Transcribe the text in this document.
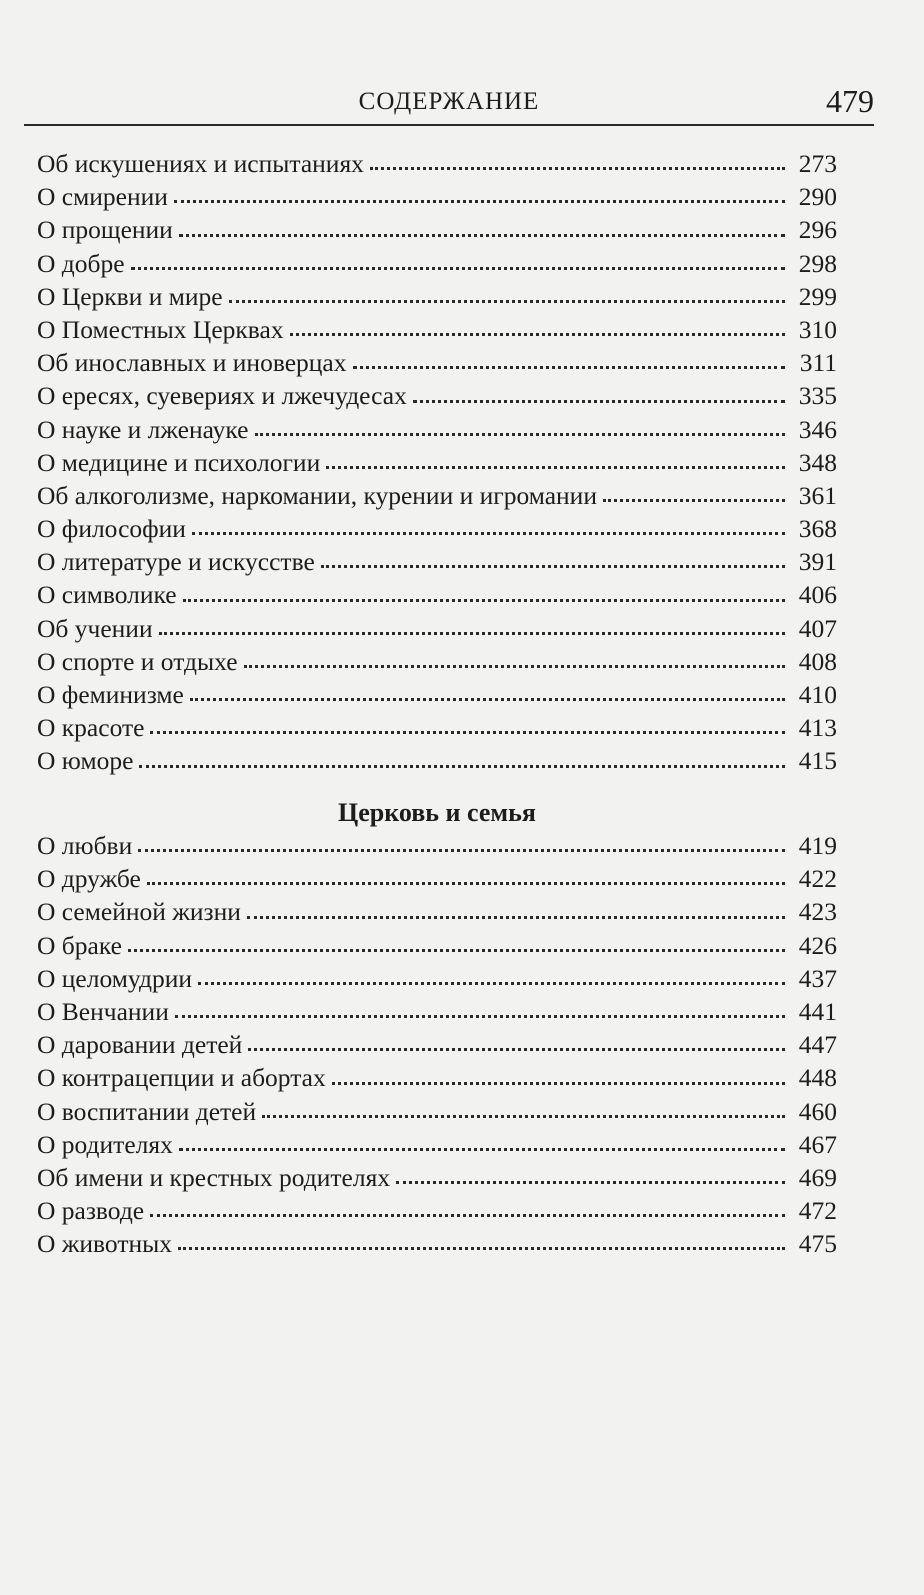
СОДЕРЖАНИЕ	479
Об искушениях и испытаниях	273
О смирении	290
О прощении	296
О добре	298
О Церкви и мире	299
О Поместных Церквах	310
Об инославных и иноверцах	311
О ересях, суевериях и лжечудесах	335
О науке и лженауке	346
О медицине и психологии	348
Об алкоголизме, наркомании, курении и игромании	361
О философии	368
О литературе и искусстве	391
О символике	406
Об учении	407
О спорте и отдыхе	408
О феминизме	410
О красоте	413
О юморе	415
Церковь и семья
О любви	419
О дружбе	422
О семейной жизни	423
О браке	426
О целомудрии	437
О Венчании	441
О даровании детей	447
О контрацепции и абортах	448
О воспитании детей	460
О родителях	467
Об имени и крестных родителях	469
О разводе	472
О животных	475
